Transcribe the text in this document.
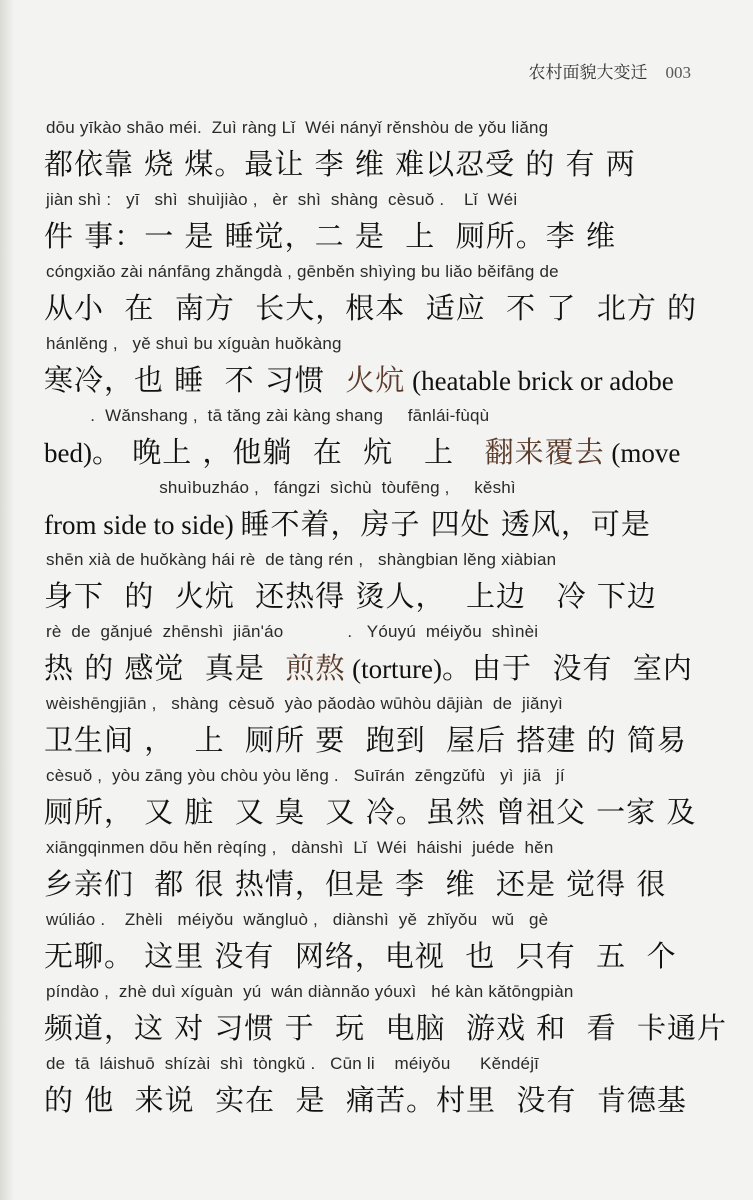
农村面貌大变迁 003
dōu yīkào shāo méi.  Zuì ràng Lǐ  Wéi nányǐ rěnshòu de yǒu liǎng
都依靠 烧 煤。最让 李 维 难以忍受 的 有 两
jiàn shì :   yī   shì  shuìjiào ,   èr  shì  shàng  cèsuǒ .    Lǐ  Wéi
件 事：一 是 睡觉，二 是  上  厕所。李 维
cóngxiǎo zài nánfāng zhǎngdà , gēnběn shìyìng bu liǎo běifāng de
从小  在  南方  长大，根本  适应  不 了  北方 的
hánlěng ,   yě shuì bu xíguàn huǒkàng
寒冷，也 睡  不 习惯  火炕 (heatable brick or adobe
.  Wǎnshang ,  tā tǎng zài kàng shang     fānlái-fùqù
bed)。 晚上 ，他躺  在  炕   上   翻来覆去 (move
shuìbuzháo ,   fángzi  sìchù  tòufēng ,     kěshì
from side to side) 睡不着，房子 四处 透风，可是
shēn xià de huǒkàng hái rè  de tàng rén ,   shàngbian lěng xiàbian
身下  的  火炕  还热得 烫人，  上边   冷 下边
rè  de  gǎnjué  zhēnshì  jiān'áo             .   Yóuyú  méiyǒu  shìnèi
热 的 感觉  真是  煎熬 (torture)。由于  没有  室内
wèishēngjiān ,   shàng  cèsuǒ  yào pǎodào wūhòu dājiàn  de  jiǎnyì
卫生间 ，  上  厕所 要  跑到  屋后 搭建 的 简易
cèsuǒ ,  yòu zāng yòu chòu yòu lěng .   Suīrán  zēngzǔfù   yì  jiā   jí
厕所， 又 脏  又 臭  又 冷。虽然 曾祖父 一家 及
xiāngqinmen dōu hěn rèqíng ,   dànshì  Lǐ  Wéi  háishi  juéde  hěn
乡亲们  都 很 热情，但是 李  维  还是 觉得 很
wúliáo .    Zhèli   méiyǒu  wǎngluò ,   diànshì  yě  zhǐyǒu   wǔ   gè
无聊。 这里 没有  网络，电视  也  只有  五  个
píndào ,  zhè duì xíguàn  yú  wán diànnǎo yóuxì   hé kàn kǎtōngpiàn
频道，这 对 习惯 于  玩  电脑  游戏 和  看  卡通片
de  tā  láishuō  shízài  shì  tòngkǔ .   Cūn li    méiyǒu      Kěndéjī
的 他  来说  实在  是  痛苦。村里  没有  肯德基
